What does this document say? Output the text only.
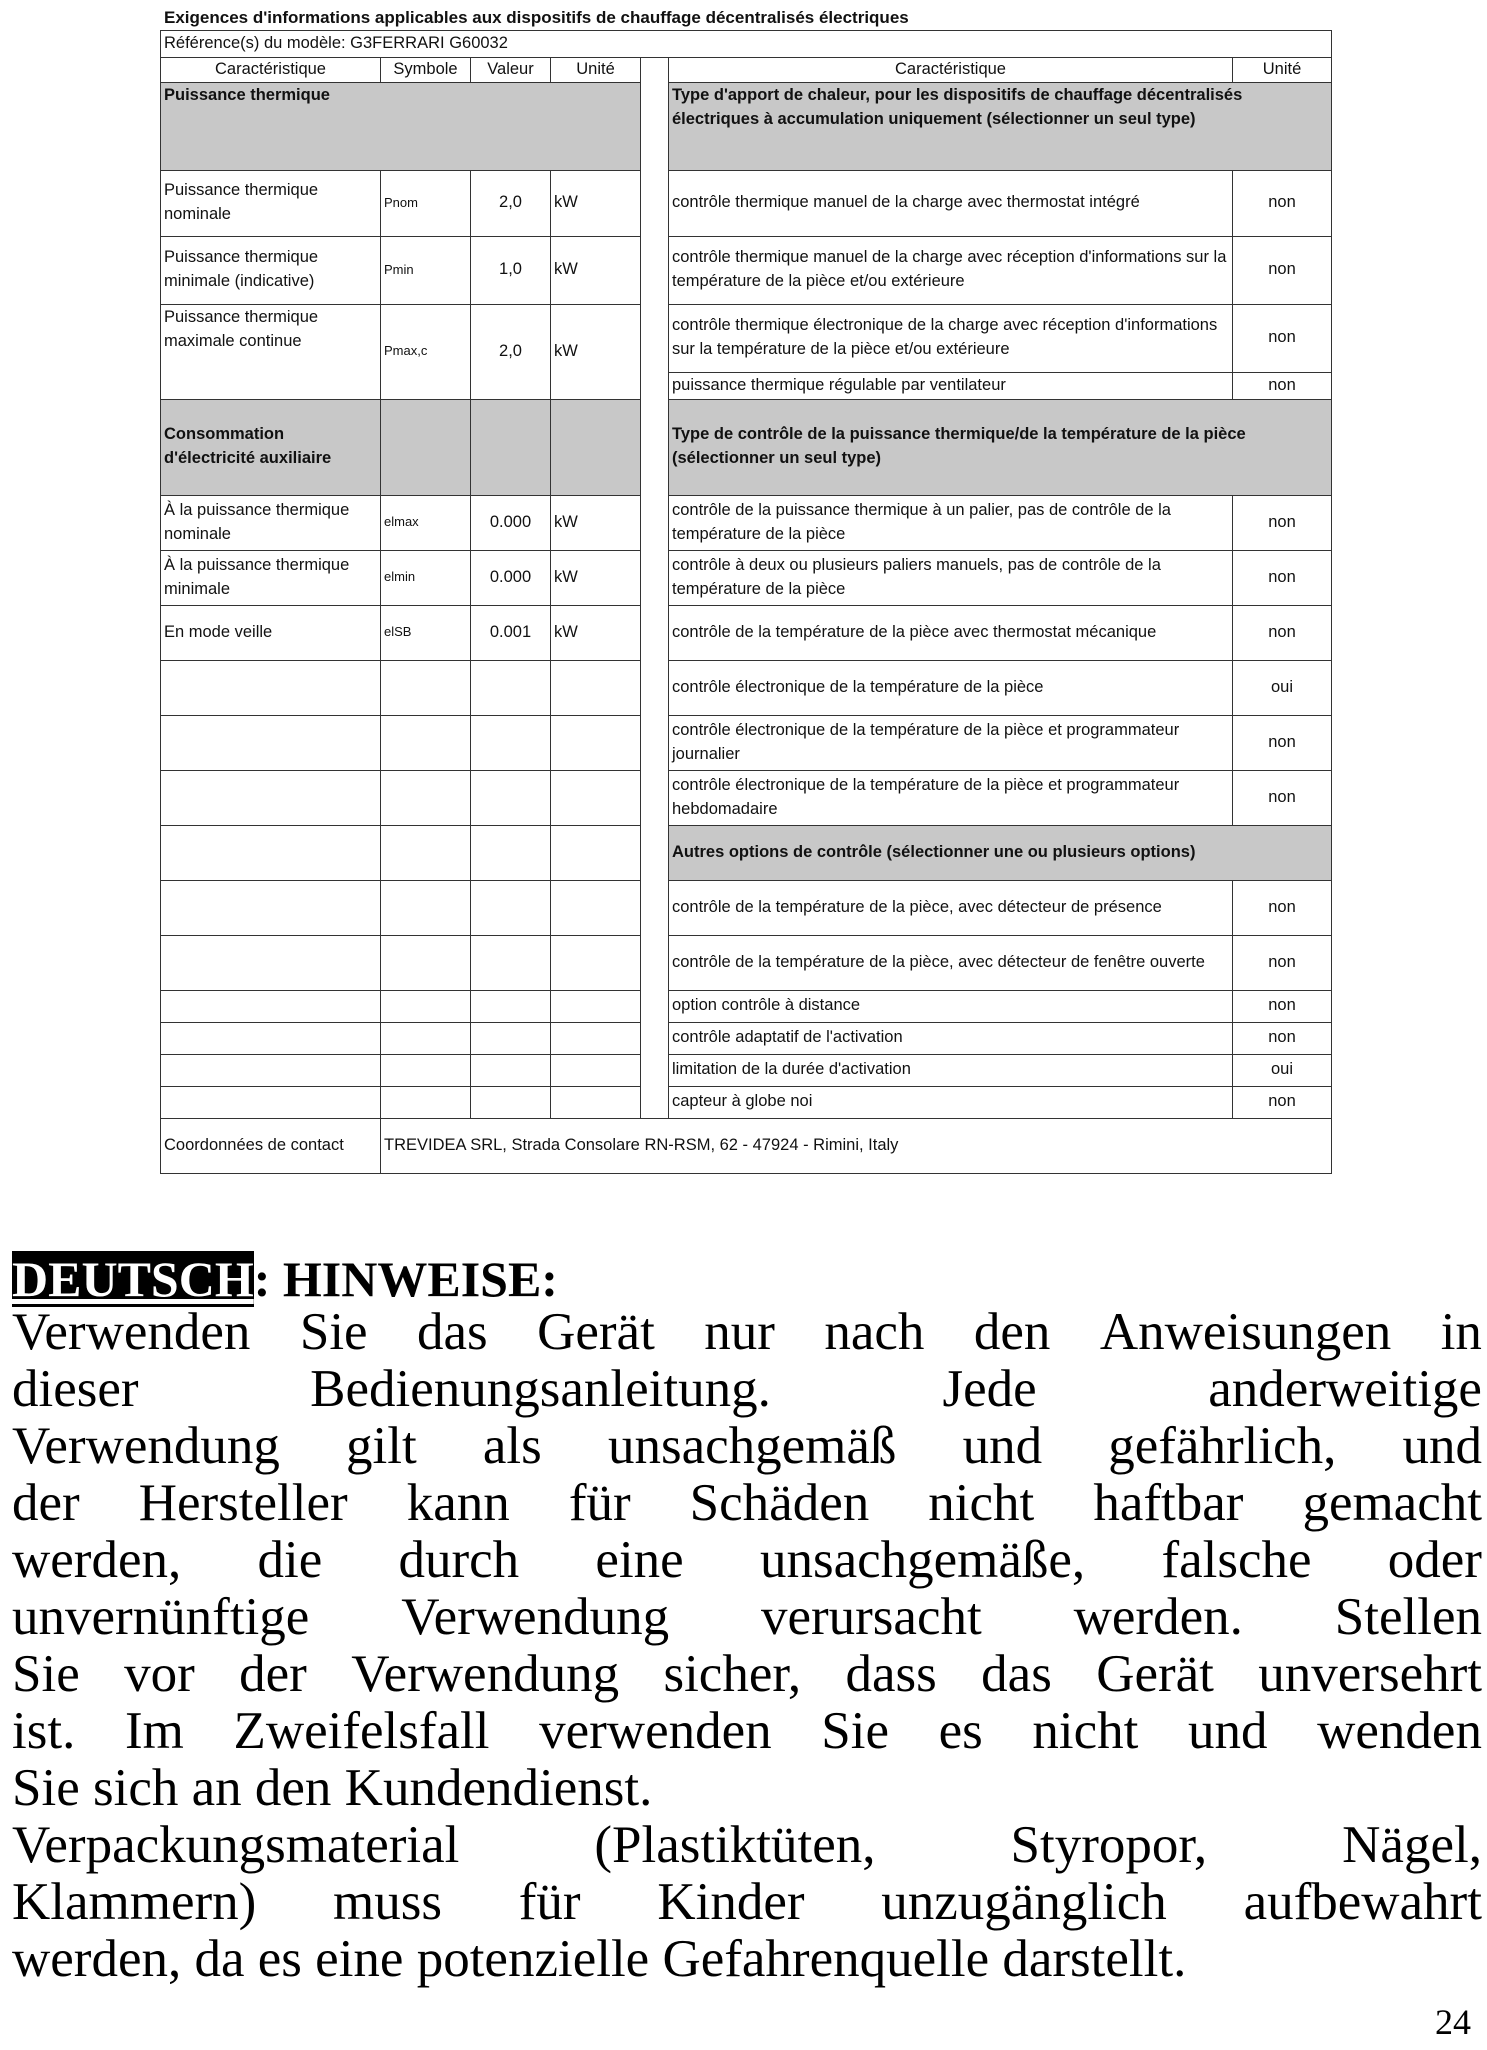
Exigences d'informations applicables aux dispositifs de chauffage décentralisés électriques
Référence(s) du modèle: G3FERRARI G60032						
Caractéristique	Symbole	Valeur	Unité		Caractéristique	Unité
Puissance thermique					Type d'apport de chaleur, pour les dispositifs de chauffage décentralisés électriques à accumulation uniquement (sélectionner un seul type)	
Puissance thermique nominale	Pnom	2,0	kW		contrôle thermique manuel de la charge avec thermostat intégré	non
Puissance thermique minimale (indicative)	Pmin	1,0	kW		contrôle thermique manuel de la charge avec réception d'informations sur la température de la pièce et/ou extérieure	non
Puissance thermique maximale continue	Pmax,c	2,0	kW		contrôle thermique électronique de la charge avec réception d'informations sur la température de la pièce et/ou extérieure	non
					puissance thermique régulable par ventilateur	non
Consommation d'électricité auxiliaire					Type de contrôle de la puissance thermique/de la température de la pièce (sélectionner un seul type)	
À la puissance thermique nominale	elmax	0.000	kW		contrôle de la puissance thermique à un palier, pas de contrôle de la température de la pièce	non
À la puissance thermique minimale	elmin	0.000	kW		contrôle à deux ou plusieurs paliers manuels, pas de contrôle de la température de la pièce	non
En mode veille	elSB	0.001	kW		contrôle de la température de la pièce avec thermostat mécanique	non
					contrôle électronique de la température de la pièce	oui
					contrôle électronique de la température de la pièce et programmateur journalier	non
					contrôle électronique de la température de la pièce et programmateur hebdomadaire	non
					Autres options de contrôle (sélectionner une ou plusieurs options)	
					contrôle de la température de la pièce, avec détecteur de présence	non
					contrôle de la température de la pièce, avec détecteur de fenêtre ouverte	non
					option contrôle à distance	non
					contrôle adaptatif de l'activation	non
					limitation de la durée d'activation	oui
					capteur à globe noi	non
Coordonnées de contact	TREVIDEA SRL, Strada Consolare RN-RSM, 62 - 47924 - Rimini, Italy					
DEUTSCH: HINWEISE:
Verwenden Sie das Gerät nur nach den Anweisungen in
dieser	Bedienungsanleitung.	Jede	anderweitige
Verwendung gilt als unsachgemäß und gefährlich, und
der Hersteller kann für Schäden nicht haftbar gemacht
werden, die durch eine unsachgemäße, falsche oder
unvernünftige Verwendung verursacht werden. Stellen
Sie vor der Verwendung sicher, dass das Gerät unversehrt
ist. Im Zweifelsfall verwenden Sie es nicht und wenden
Sie sich an den Kundendienst.
Verpackungsmaterial	(Plastiktüten,	Styropor,	Nägel,
Klammern) muss für Kinder unzugänglich aufbewahrt
werden, da es eine potenzielle Gefahrenquelle darstellt.
24
